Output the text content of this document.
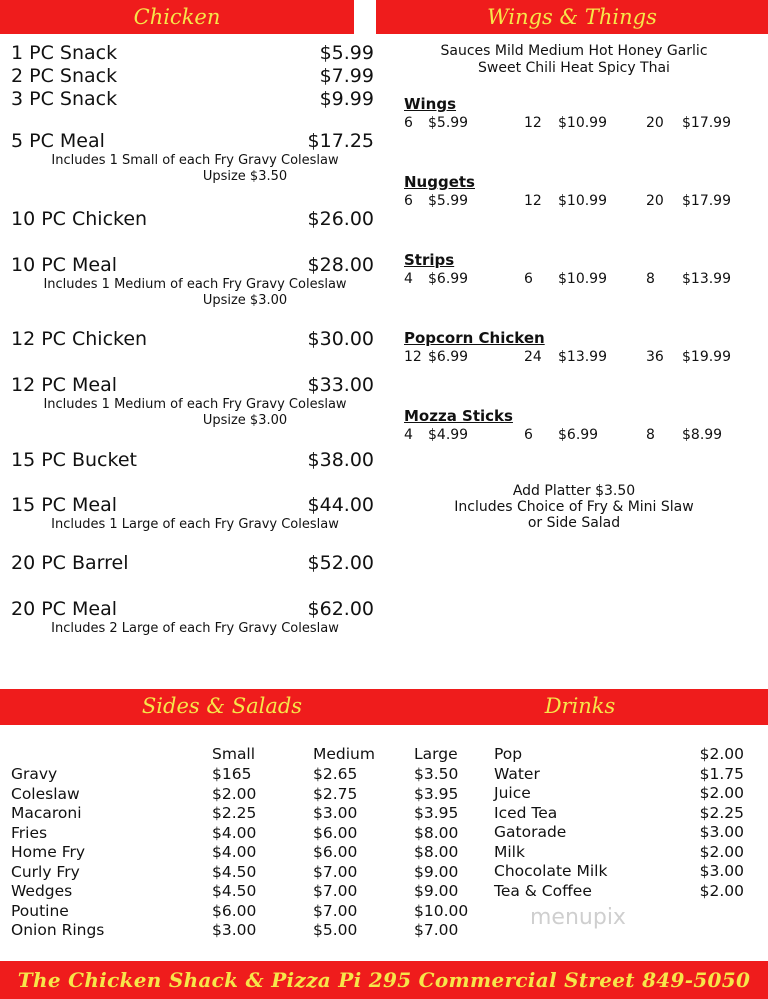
Chicken	Wings & Things
Sides & Salads	Drinks
1 PC Snack	$5.99
2 PC Snack	$7.99
3 PC Snack	$9.99
5 PC Meal	$17.25
Includes 1 Small of each Fry Gravy Coleslaw
Upsize $3.50
10 PC Chicken	$26.00
10 PC Meal	$28.00
Includes 1 Medium of each Fry Gravy Coleslaw
Upsize $3.00
12 PC Chicken	$30.00
12 PC Meal	$33.00
Includes 1 Medium of each Fry Gravy Coleslaw
Upsize $3.00
15 PC Bucket	$38.00
15 PC Meal	$44.00
Includes 1 Large of each Fry Gravy Coleslaw
20 PC Barrel	$52.00
20 PC Meal	$62.00
Includes 2 Large of each Fry Gravy Coleslaw
Sauces Mild Medium Hot Honey Garlic
Sweet Chili Heat Spicy Thai
Wings
6 $5.99	12 $10.99	20 $17.99
Nuggets
6 $5.99	12 $10.99	20 $17.99
Strips
4 $6.99	6 $10.99	8 $13.99
Popcorn Chicken
12 $6.99	24 $13.99	36 $19.99
Mozza Sticks
4 $4.99	6 $6.99	8 $8.99
Add Platter $3.50
Includes Choice of Fry & Mini Slaw
or Side Salad
Small	Medium	Large
Gravy	$165	$2.65	$3.50
Coleslaw	$2.00	$2.75	$3.95
Macaroni	$2.25	$3.00	$3.95
Fries	$4.00	$6.00	$8.00
Home Fry	$4.00	$6.00	$8.00
Curly Fry	$4.50	$7.00	$9.00
Wedges	$4.50	$7.00	$9.00
Poutine	$6.00	$7.00	$10.00
Onion Rings	$3.00	$5.00	$7.00
Pop	$2.00
Water	$1.75
Juice	$2.00
Iced Tea	$2.25
Gatorade	$3.00
Milk	$2.00
Chocolate Milk	$3.00
Tea & Coffee	$2.00
menupix
The Chicken Shack & Pizza Pi 295 Commercial Street 849-5050
